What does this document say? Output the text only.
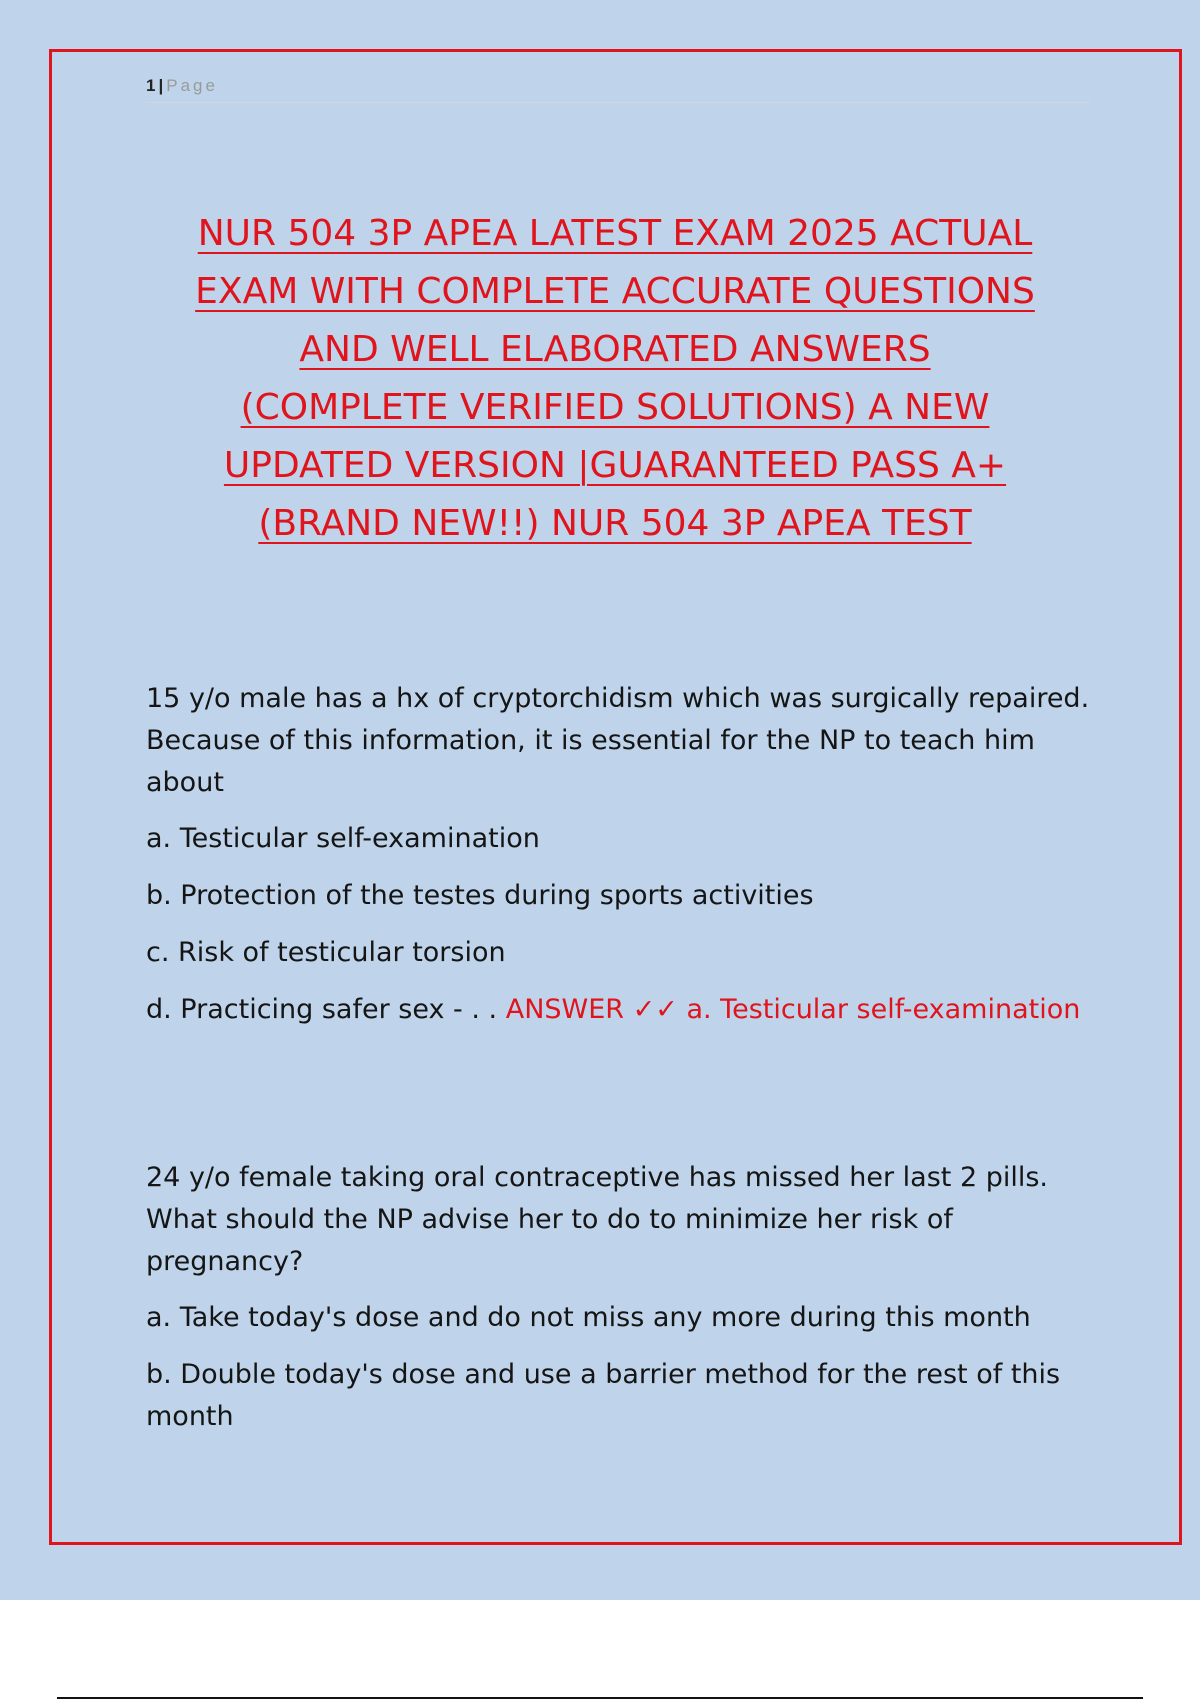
1 | Page
NUR 504 3P APEA LATEST EXAM 2025 ACTUAL
EXAM WITH COMPLETE ACCURATE QUESTIONS
AND WELL ELABORATED ANSWERS
(COMPLETE VERIFIED SOLUTIONS) A NEW
UPDATED VERSION |GUARANTEED PASS A+
(BRAND NEW!!) NUR 504 3P APEA TEST
15 y/o male has a hx of cryptorchidism which was surgically repaired. Because of this information, it is essential for the NP to teach him about
a. Testicular self-examination
b. Protection of the testes during sports activities
c. Risk of testicular torsion
d. Practicing safer sex - . . ANSWER ✓✓ a. Testicular self-examination
24 y/o female taking oral contraceptive has missed her last 2 pills. What should the NP advise her to do to minimize her risk of pregnancy?
a. Take today's dose and do not miss any more during this month
b. Double today's dose and use a barrier method for the rest of this month
